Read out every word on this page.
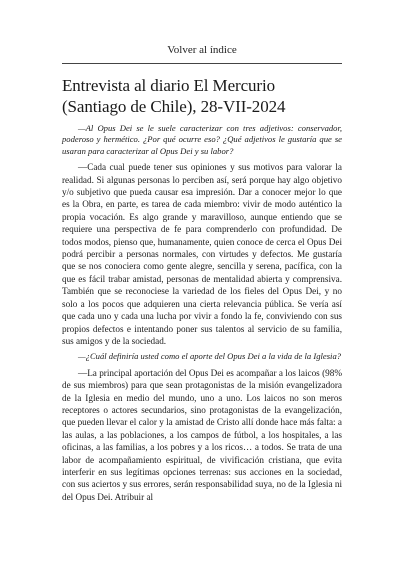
Volver al índice
Entrevista al diario El Mercurio (Santiago de Chile), 28-VII-2024

—Al Opus Dei se le suele caracterizar con tres adjetivos: conservador, poderoso y hermético. ¿Por qué ocurre eso? ¿Qué adjetivos le gustaría que se usaran para caracterizar al Opus Dei y su labor?

—Cada cual puede tener sus opiniones y sus motivos para valorar la realidad. Si algunas personas lo perciben así, será porque hay algo objetivo y/o subjetivo que pueda causar esa impresión. Dar a conocer mejor lo que es la Obra, en parte, es tarea de cada miembro: vivir de modo auténtico la propia vocación. Es algo grande y maravilloso, aunque entiendo que se requiere una perspectiva de fe para comprenderlo con profundidad. De todos modos, pienso que, humanamente, quien conoce de cerca el Opus Dei podrá percibir a personas normales, con virtudes y defectos. Me gustaría que se nos conociera como gente alegre, sencilla y serena, pacífica, con la que es fácil trabar amistad, personas de mentalidad abierta y comprensiva. También que se reconociese la variedad de los fieles del Opus Dei, y no solo a los pocos que adquieren una cierta relevancia pública. Se vería así que cada uno y cada una lucha por vivir a fondo la fe, conviviendo con sus propios defectos e intentando poner sus talentos al servicio de su familia, sus amigos y de la sociedad.

—¿Cuál definiría usted como el aporte del Opus Dei a la vida de la Iglesia?

—La principal aportación del Opus Dei es acompañar a los laicos (98% de sus miembros) para que sean protagonistas de la misión evangelizadora de la Iglesia en medio del mundo, uno a uno. Los laicos no son meros receptores o actores secundarios, sino protagonistas de la evangelización, que pueden llevar el calor y la amistad de Cristo allí donde hace más falta: a las aulas, a las poblaciones, a los campos de fútbol, a los hospitales, a las oficinas, a las familias, a los pobres y a los ricos… a todos. Se trata de una labor de acompañamiento espiritual, de vivificación cristiana, que evita interferir en sus legítimas opciones terrenas: sus acciones en la sociedad, con sus aciertos y sus errores, serán responsabilidad suya, no de la Iglesia ni del Opus Dei. Atribuir al
